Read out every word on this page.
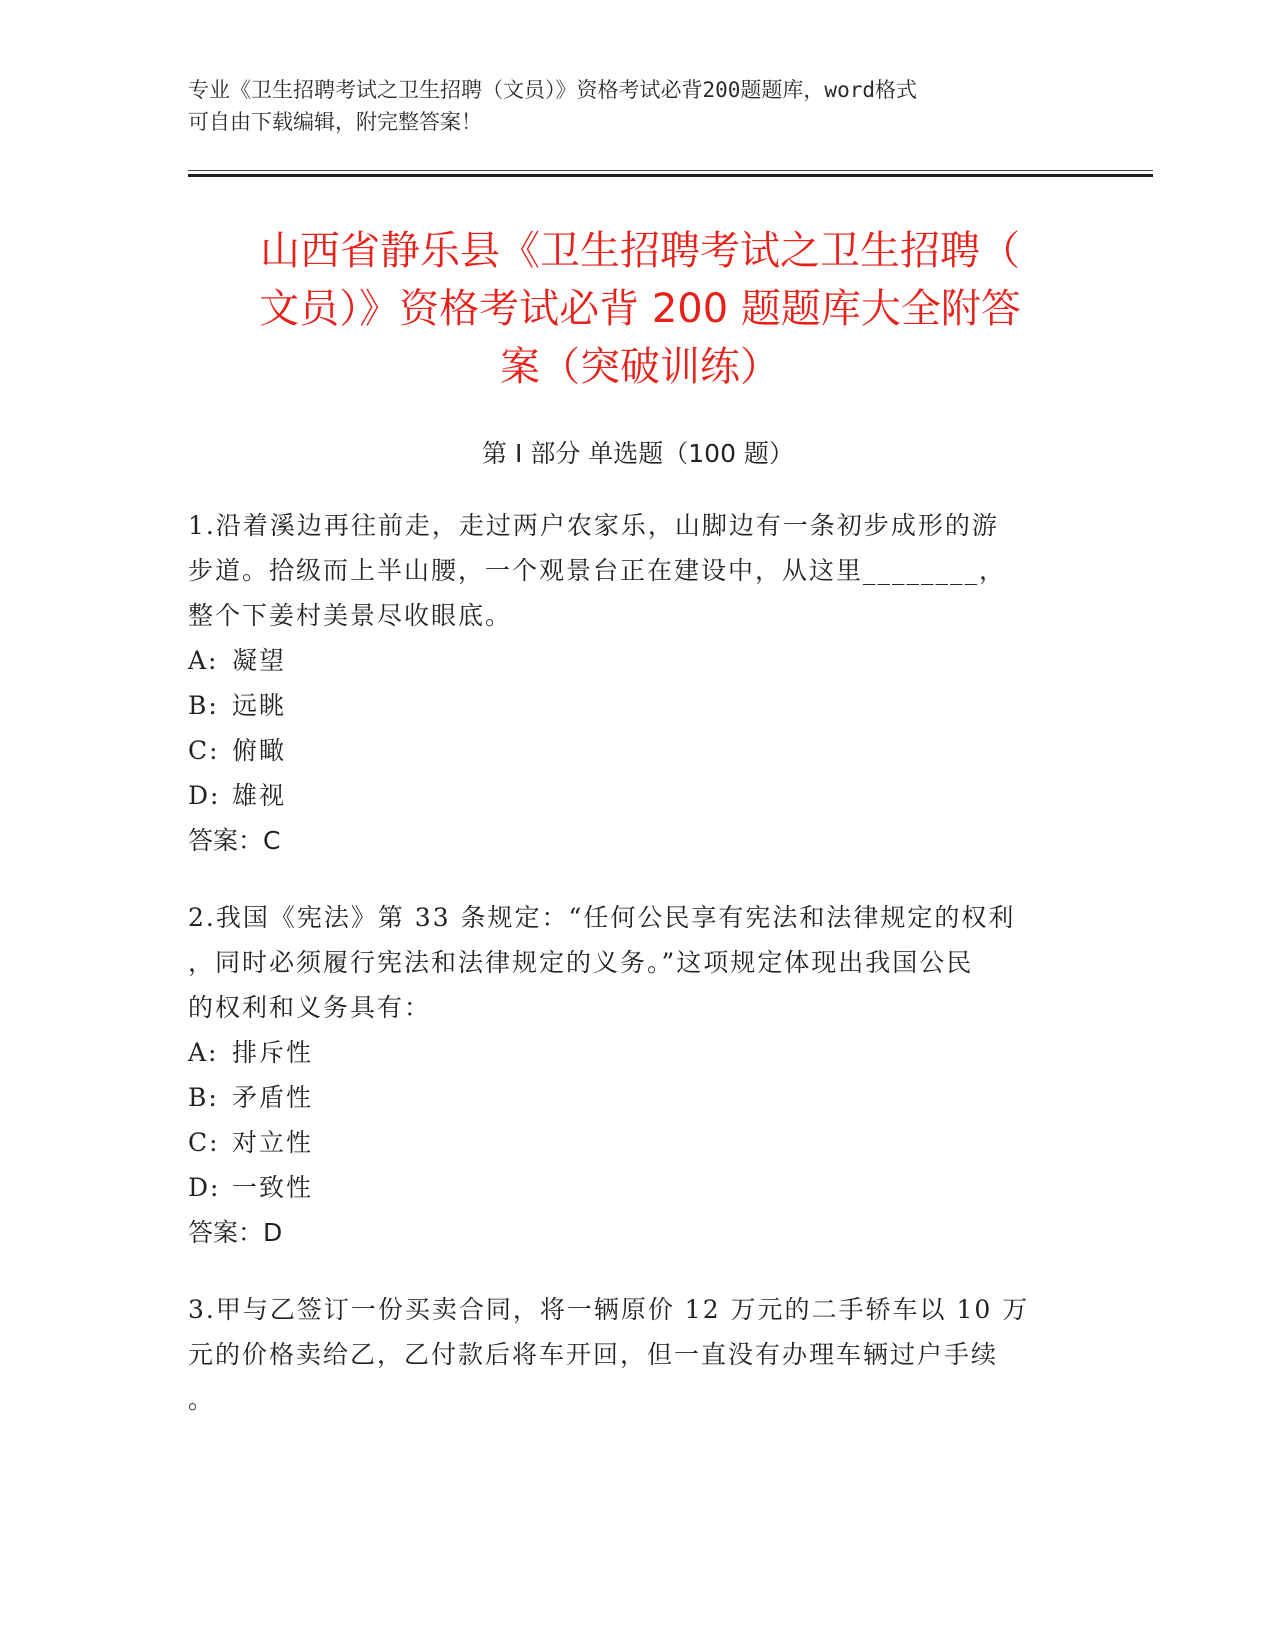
专业《卫生招聘考试之卫生招聘（文员）》资格考试必背200题题库，word格式
可自由下载编辑，附完整答案！
山西省静乐县《卫生招聘考试之卫生招聘（
文员）》资格考试必背 200 题题库大全附答
案（突破训练）
第 I 部分 单选题（100 题）

1.沿着溪边再往前走，走过两户农家乐，山脚边有一条初步成形的游

步道。拾级而上半山腰，一个观景台正在建设中，从这里________，

整个下姜村美景尽收眼底。

A: 凝望

B: 远眺

C: 俯瞰

D: 雄视

答案：C

2.我国《宪法》第 33 条规定：“任何公民享有宪法和法律规定的权利

，同时必须履行宪法和法律规定的义务。”这项规定体现出我国公民

的权利和义务具有：

A: 排斥性

B: 矛盾性

C: 对立性

D: 一致性

答案：D

3.甲与乙签订一份买卖合同，将一辆原价 12 万元的二手轿车以 10 万

元的价格卖给乙，乙付款后将车开回，但一直没有办理车辆过户手续

。
